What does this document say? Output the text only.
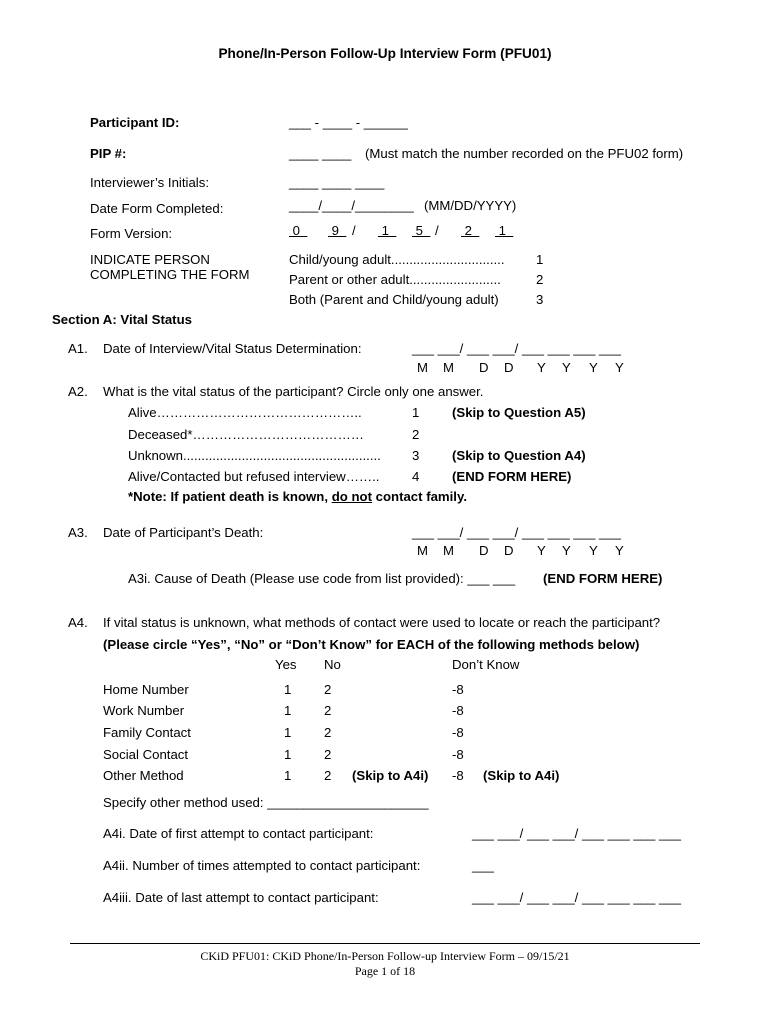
Phone/In-Person Follow-Up Interview Form (PFU01)
Participant ID:	___ - ____ - ______
PIP #:	____ ____ (Must match the number recorded on the PFU02 form)
Interviewer’s Initials:	____ ____ ____
Date Form Completed:	____/____/________ (MM/DD/YYYY)
Form Version:	0 9 / 1 5 / 2 1
INDICATE PERSON
COMPLETING THE FORM
Child/young adult............................... 1
Parent or other adult.........................	2
Both (Parent and Child/young adult)	3
Section A: Vital Status
A1. Date of Interview/Vital Status Determination:	___ ___/ ___ ___/ ___ ___ ___ ___
M M D D Y Y Y Y
A2. What is the vital status of the participant? Circle only one answer.
Alive………………………………………..	1 (Skip to Question A5)
Deceased*…………………………………	2
Unknown...................................................... 3 (Skip to Question A4)
Alive/Contacted but refused interview…….. 4 (END FORM HERE)
*Note: If patient death is known, do not contact family.
A3. Date of Participant’s Death:	___ ___/ ___ ___/ ___ ___ ___ ___
M M D D Y Y Y Y
A3i. Cause of Death (Please use code from list provided): ___ ___ (END FORM HERE)
A4. If vital status is unknown, what methods of contact were used to locate or reach the participant?
(Please circle “Yes”, “No” or “Don’t Know” for EACH of the following methods below)
Yes No	Don’t Know
Home Number	1 2	-8
Work Number	1 2	-8
Family Contact	1 2	-8
Social Contact	1 2	-8
Other Method	1 2 (Skip to A4i) -8 (Skip to A4i)
Specify other method used: ______________________
A4i. Date of first attempt to contact participant:	___ ___/ ___ ___/ ___ ___ ___ ___
A4ii. Number of times attempted to contact participant:	___
A4iii. Date of last attempt to contact participant:	___ ___/ ___ ___/ ___ ___ ___ ___
CKiD PFU01: CKiD Phone/In-Person Follow-up Interview Form – 09/15/21
Page 1 of 18
